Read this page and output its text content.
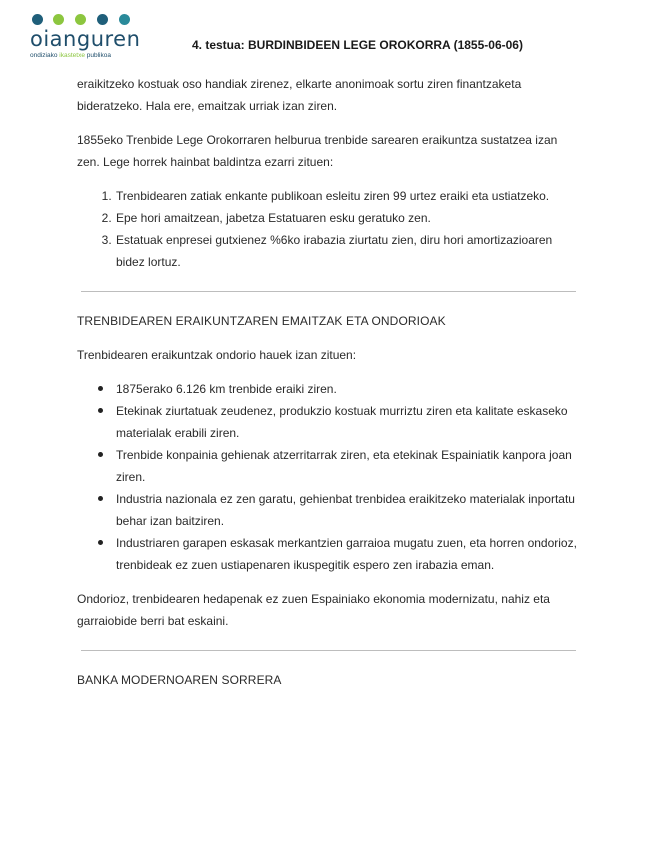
oianguren
ondiziako ikastetxe publikoa
4. testua: BURDINBIDEEN LEGE OROKORRA (1855-06-06)

eraikitzeko kostuak oso handiak zirenez, elkarte anonimoak sortu ziren finantzaketa bideratzeko. Hala ere, emaitzak urriak izan ziren.

1855eko Trenbide Lege Orokorraren helburua trenbide sarearen eraikuntza sustatzea izan zen. Lege horrek hainbat baldintza ezarri zituen:

1. Trenbidearen zatiak enkante publikoan esleitu ziren 99 urtez eraiki eta ustiatzeko.
2. Epe hori amaitzean, jabetza Estatuaren esku geratuko zen.
3. Estatuak enpresei gutxienez %6ko irabazia ziurtatu zien, diru hori amortizazioaren bidez lortuz.

TRENBIDEAREN ERAIKUNTZAREN EMAITZAK ETA ONDORIOAK

Trenbidearen eraikuntzak ondorio hauek izan zituen:

1875erako 6.126 km trenbide eraiki ziren.
Etekinak ziurtatuak zeudenez, produkzio kostuak murriztu ziren eta kalitate eskaseko materialak erabili ziren.
Trenbide konpainia gehienak atzerritarrak ziren, eta etekinak Espainiatik kanpora joan ziren.
Industria nazionala ez zen garatu, gehienbat trenbidea eraikitzeko materialak inportatu behar izan baitziren.
Industriaren garapen eskasak merkantzien garraioa mugatu zuen, eta horren ondorioz, trenbideak ez zuen ustiapenaren ikuspegitik espero zen irabazia eman.

Ondorioz, trenbidearen hedapenak ez zuen Espainiako ekonomia modernizatu, nahiz eta garraiobide berri bat eskaini.

BANKA MODERNOAREN SORRERA
